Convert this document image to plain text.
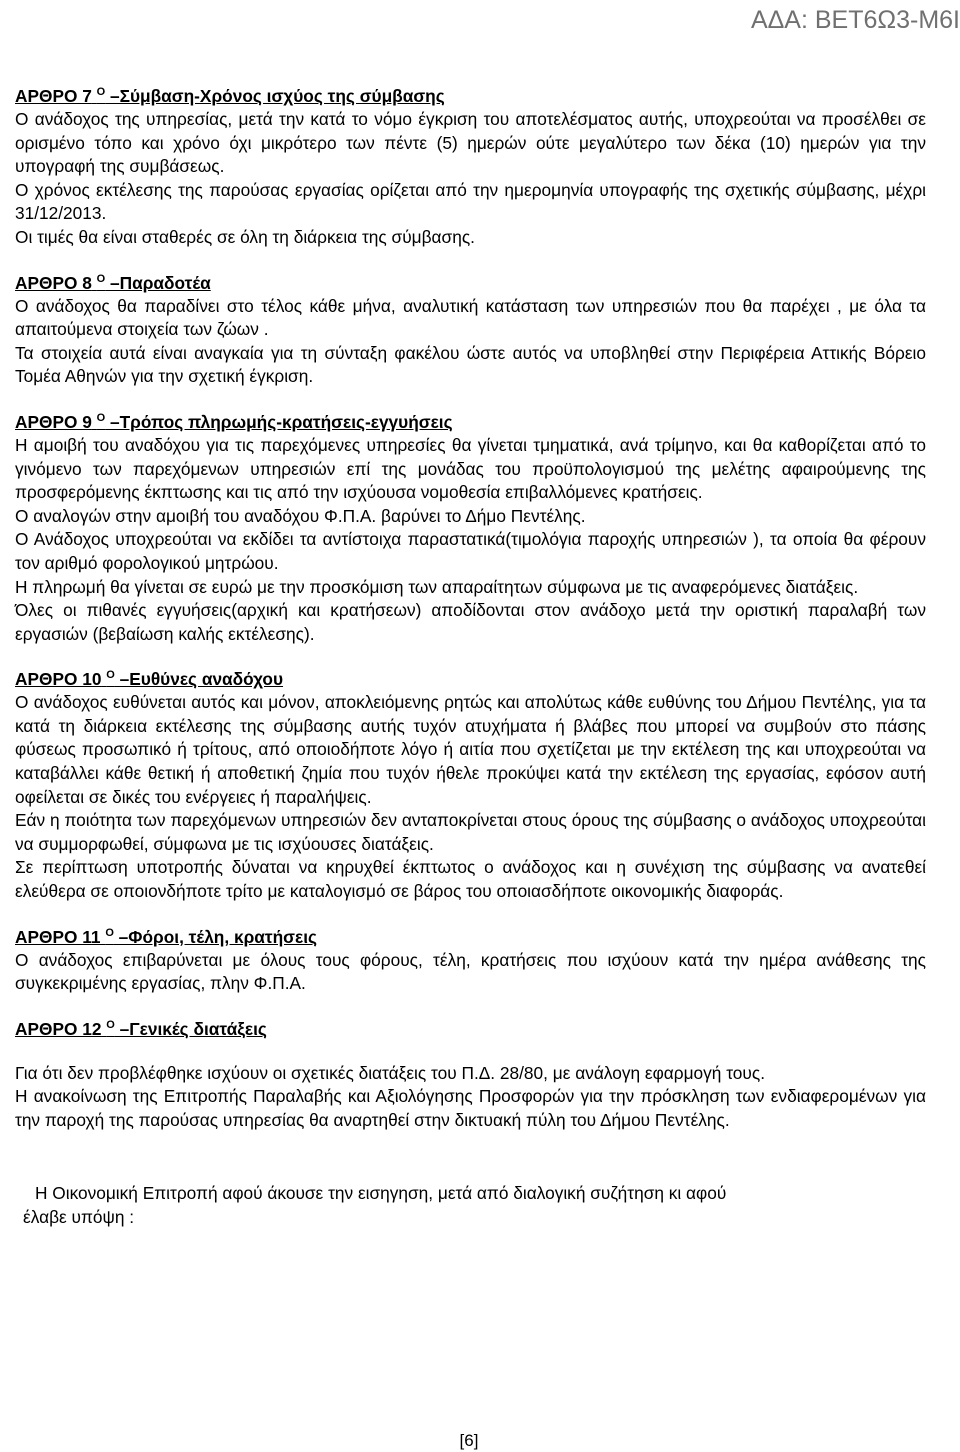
ΑΔΑ: ΒΕΤ6Ω3-Μ6Ι

ΑΡΘΡΟ 7 $^O$ –Σύμβαση-Χρόνος ισχύος της σύμβασης

Ο ανάδοχος της υπηρεσίας, μετά την κατά το νόμο έγκριση του αποτελέσματος αυτής, υποχρεούται να προσέλθει σε ορισμένο τόπο και χρόνο όχι μικρότερο των πέντε (5) ημερών ούτε μεγαλύτερο των δέκα (10) ημερών για την υπογραφή της συμβάσεως.

Ο χρόνος εκτέλεσης της παρούσας εργασίας ορίζεται από την ημερομηνία υπογραφής της σχετικής σύμβασης, μέχρι 31/12/2013.

Οι τιμές θα είναι σταθερές σε όλη τη διάρκεια της σύμβασης.

ΑΡΘΡΟ 8 $^O$ –Παραδοτέα

Ο ανάδοχος θα παραδίνει στο τέλος κάθε μήνα, αναλυτική κατάσταση των υπηρεσιών που θα παρέχει , με όλα τα απαιτούμενα στοιχεία των ζώων .

Τα στοιχεία αυτά είναι αναγκαία για τη σύνταξη φακέλου ώστε αυτός να υποβληθεί στην Περιφέρεια Αττικής Βόρειο Τομέα Αθηνών για την σχετική έγκριση.

ΑΡΘΡΟ 9 $^O$ –Τρόπος πληρωμής-κρατήσεις-εγγυήσεις

Η αμοιβή του αναδόχου για τις παρεχόμενες υπηρεσίες θα γίνεται τμηματικά, ανά τρίμηνο, και θα καθορίζεται από το γινόμενο των παρεχόμενων υπηρεσιών επί της μονάδας του προϋπολογισμού της μελέτης αφαιρούμενης της προσφερόμενης έκπτωσης και τις από την ισχύουσα νομοθεσία επιβαλλόμενες κρατήσεις.

Ο αναλογών στην αμοιβή του αναδόχου Φ.Π.Α. βαρύνει το Δήμο Πεντέλης.

Ο Ανάδοχος υποχρεούται να εκδίδει τα αντίστοιχα παραστατικά(τιμολόγια παροχής υπηρεσιών ), τα οποία θα φέρουν τον αριθμό φορολογικού μητρώου.

Η πληρωμή θα γίνεται σε ευρώ με την προσκόμιση των απαραίτητων σύμφωνα με τις αναφερόμενες διατάξεις.

Όλες οι πιθανές εγγυήσεις(αρχική και κρατήσεων) αποδίδονται στον ανάδοχο μετά την οριστική παραλαβή των εργασιών (βεβαίωση καλής εκτέλεσης).

ΑΡΘΡΟ 10 $^O$ –Ευθύνες αναδόχου

Ο ανάδοχος ευθύνεται αυτός και μόνον, αποκλειόμενης ρητώς και απολύτως κάθε ευθύνης του Δήμου Πεντέλης, για τα κατά τη διάρκεια εκτέλεσης της σύμβασης αυτής τυχόν ατυχήματα ή βλάβες που μπορεί να συμβούν στο πάσης φύσεως προσωπικό ή τρίτους, από οποιοδήποτε λόγο ή αιτία που σχετίζεται με την εκτέλεση της και υποχρεούται να καταβάλλει κάθε θετική ή αποθετική ζημία που τυχόν ήθελε προκύψει κατά την εκτέλεση της εργασίας, εφόσον αυτή οφείλεται σε δικές του ενέργειες ή παραλήψεις.

Εάν η ποιότητα των παρεχόμενων υπηρεσιών δεν ανταποκρίνεται στους όρους της σύμβασης ο ανάδοχος υποχρεούται να συμμορφωθεί, σύμφωνα με τις ισχύουσες διατάξεις.

Σε περίπτωση υποτροπής δύναται να κηρυχθεί έκπτωτος ο ανάδοχος και η συνέχιση της σύμβασης να ανατεθεί ελεύθερα σε οποιονδήποτε τρίτο με καταλογισμό σε βάρος του οποιασδήποτε οικονομικής διαφοράς.

ΑΡΘΡΟ 11 $^O$ –Φόροι, τέλη, κρατήσεις

Ο ανάδοχος επιβαρύνεται με όλους τους φόρους, τέλη, κρατήσεις που ισχύουν κατά την ημέρα ανάθεσης της συγκεκριμένης εργασίας, πλην Φ.Π.Α.

ΑΡΘΡΟ 12 $^O$ –Γενικές διατάξεις

Για ότι δεν προβλέφθηκε ισχύουν οι σχετικές διατάξεις του Π.Δ. 28/80, με ανάλογη εφαρμογή τους.

Η ανακοίνωση της Επιτροπής Παραλαβής και Αξιολόγησης Προσφορών για την πρόσκληση των ενδιαφερομένων για την παροχή της παρούσας υπηρεσίας θα αναρτηθεί στην δικτυακή πύλη του Δήμου Πεντέλης.

Η Οικονομική Επιτροπή αφού άκουσε την εισηγηση, μετά από διαλογική συζήτηση κι αφού

έλαβε υπόψη :

[6]
